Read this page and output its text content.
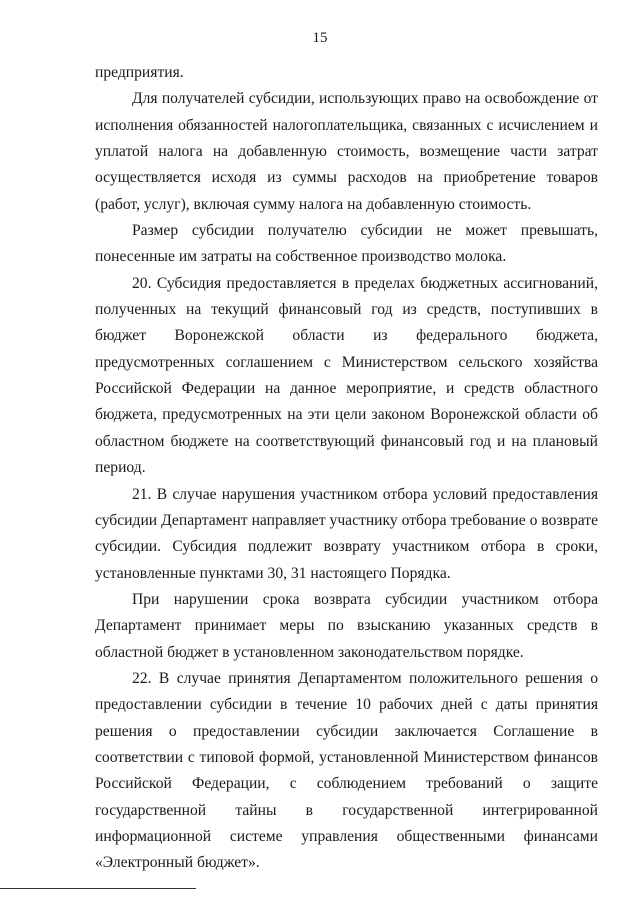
15

предприятия.

Для получателей субсидии, использующих право на освобождение от исполнения обязанностей налогоплательщика, связанных с исчислением и уплатой налога на добавленную стоимость, возмещение части затрат осуществляется исходя из суммы расходов на приобретение товаров (работ, услуг), включая сумму налога на добавленную стоимость.

Размер субсидии получателю субсидии не может превышать, понесенные им затраты на собственное производство молока.

20. Субсидия предоставляется в пределах бюджетных ассигнований, полученных на текущий финансовый год из средств, поступивших в бюджет Воронежской области из федерального бюджета, предусмотренных соглашением с Министерством сельского хозяйства Российской Федерации на данное мероприятие, и средств областного бюджета, предусмотренных на эти цели законом Воронежской области об областном бюджете на соответствующий финансовый год и на плановый период.

21. В случае нарушения участником отбора условий предоставления субсидии Департамент направляет участнику отбора требование о возврате субсидии. Субсидия подлежит возврату участником отбора в сроки, установленные пунктами 30, 31 настоящего Порядка.

При нарушении срока возврата субсидии участником отбора Департамент принимает меры по взысканию указанных средств в областной бюджет в установленном законодательством порядке.

22. В случае принятия Департаментом положительного решения о предоставлении субсидии в течение 10 рабочих дней с даты принятия решения о предоставлении субсидии заключается Соглашение в соответствии с типовой формой, установленной Министерством финансов Российской Федерации, с соблюдением требований о защите государственной тайны в государственной интегрированной информационной системе управления общественными финансами «Электронный бюджет».
